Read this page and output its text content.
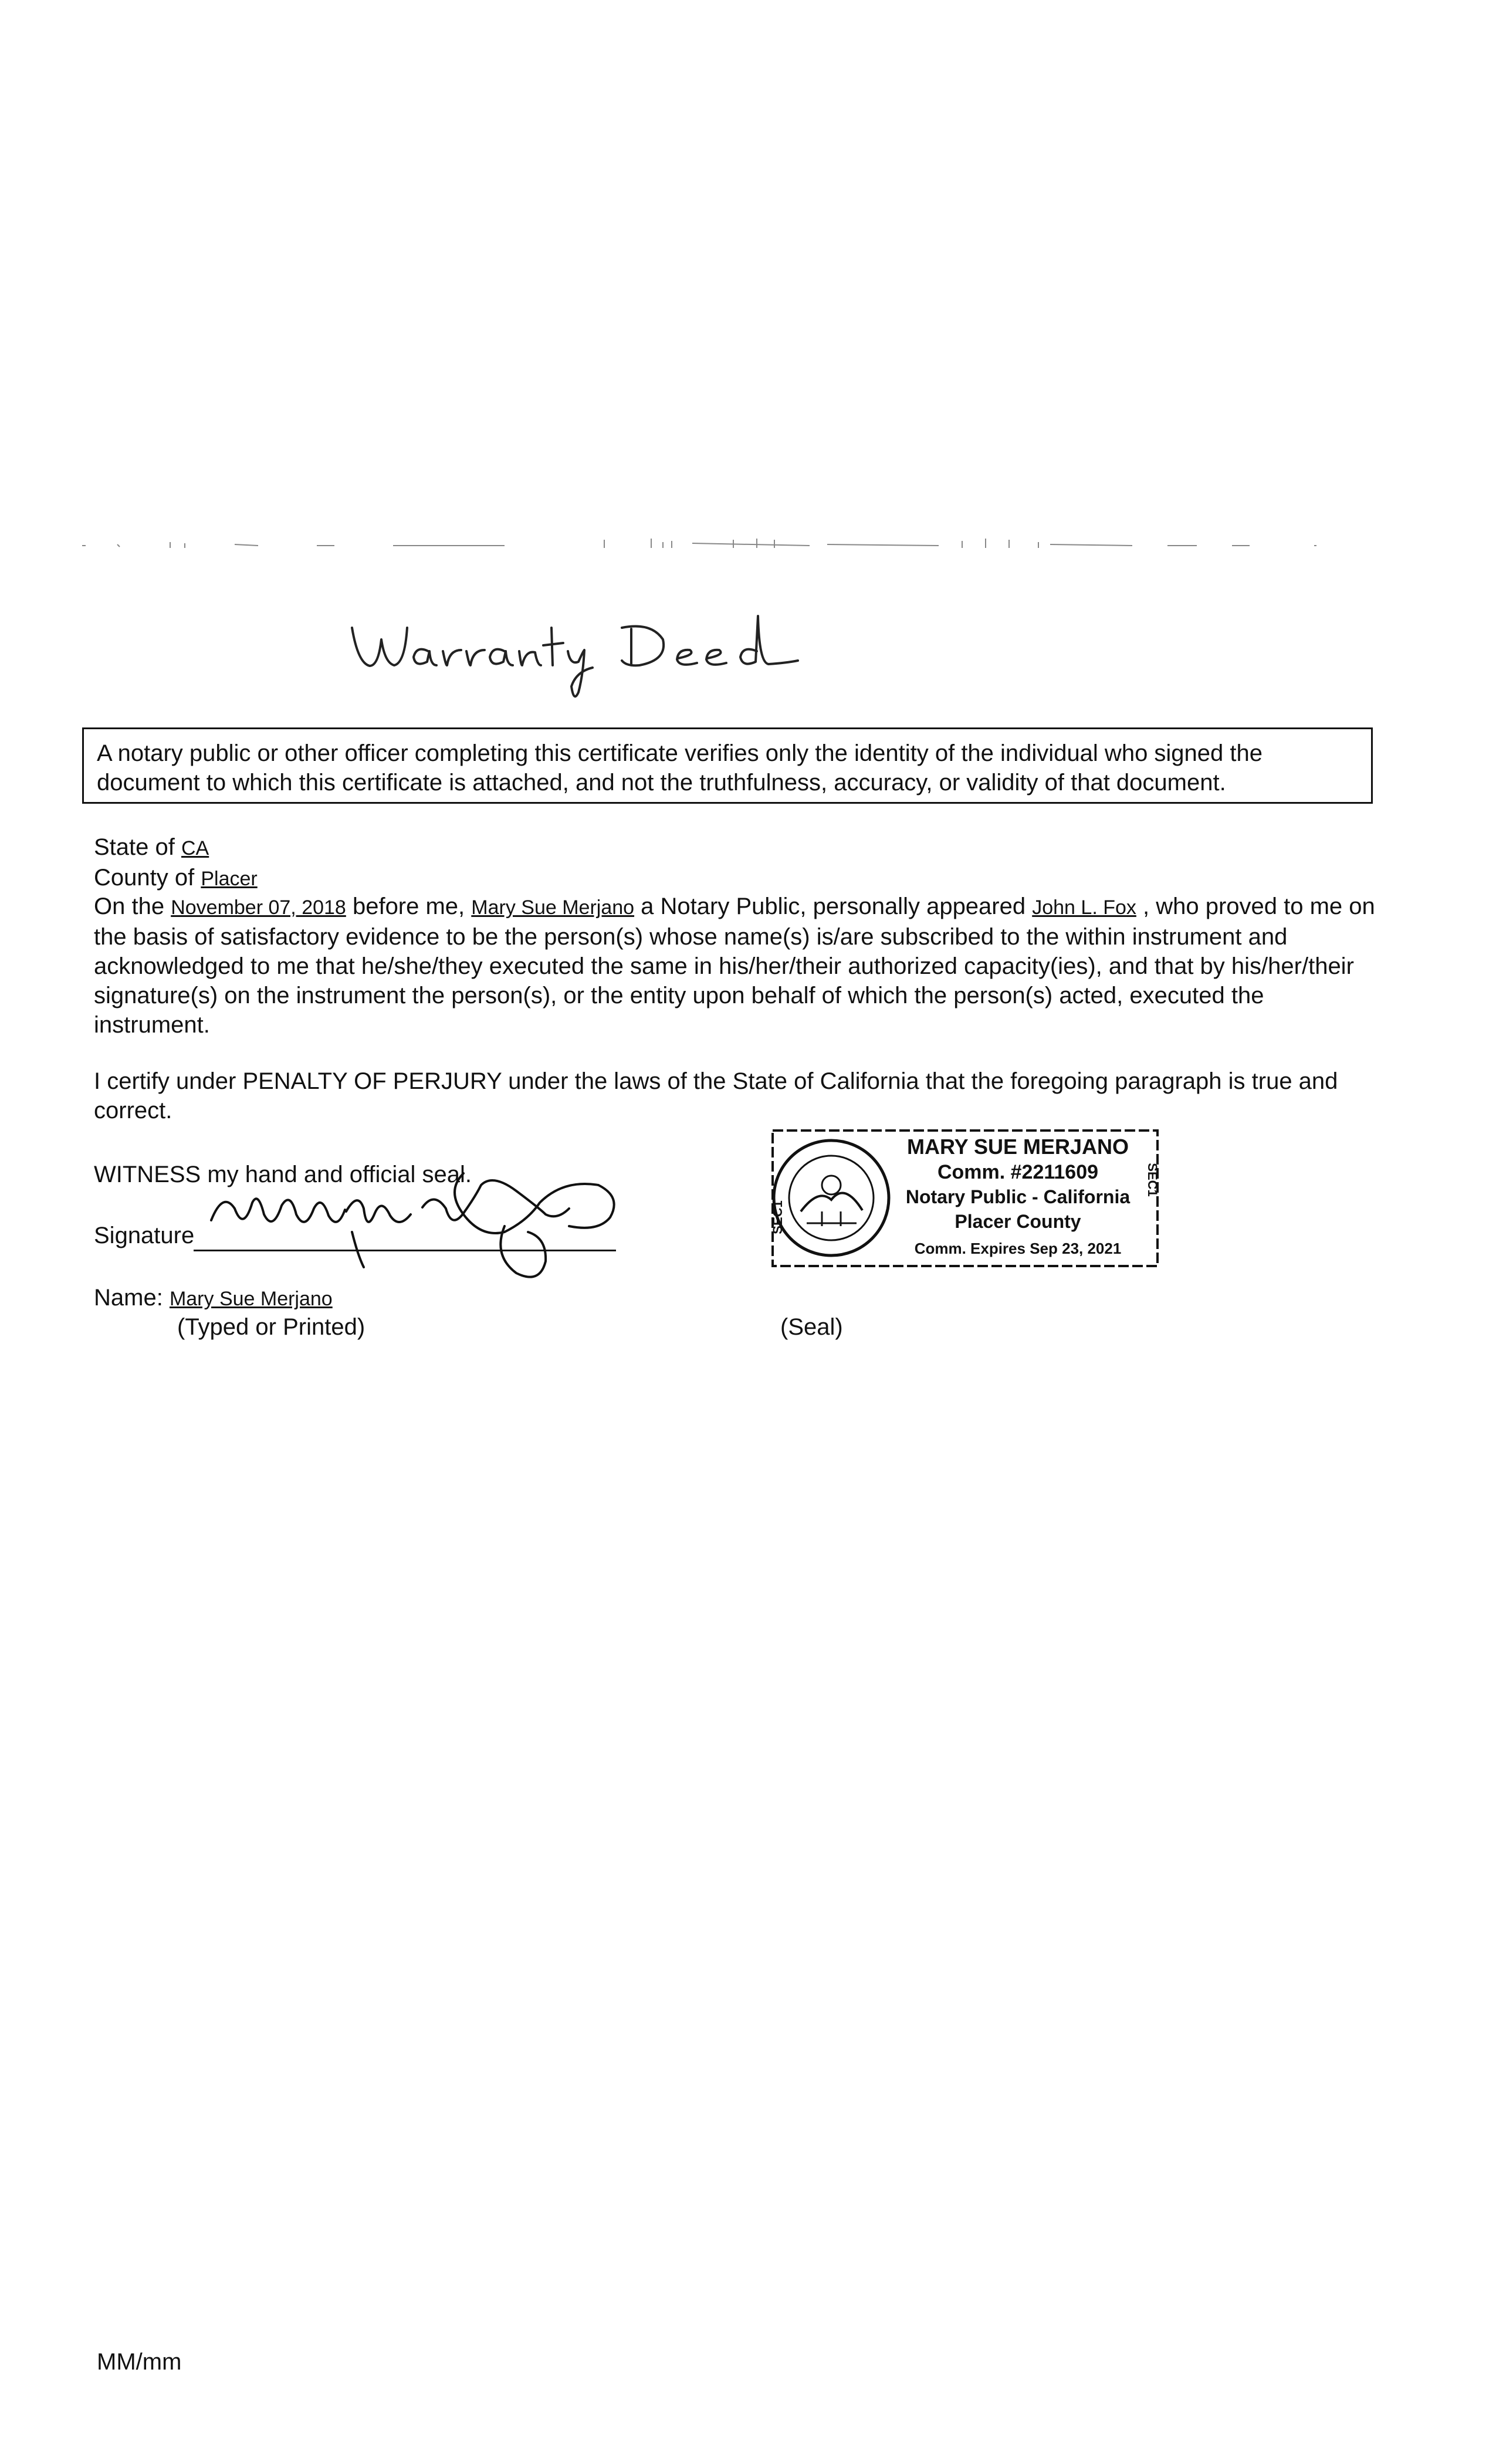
A notary public or other officer completing this certificate verifies only the identity of the individual who signed the document to which this certificate is attached, and not the truthfulness, accuracy, or validity of that document.
State of CA
County of Placer
On the November 07, 2018 before me, Mary Sue Merjano a Notary Public, personally appeared John L. Fox , who proved to me on the basis of satisfactory evidence to be the person(s) whose name(s) is/are subscribed to the within instrument and acknowledged to me that he/she/they executed the same in his/her/their authorized capacity(ies), and that by his/her/their signature(s) on the instrument the person(s), or the entity upon behalf of which the person(s) acted, executed the instrument.
I certify under PENALTY OF PERJURY under the laws of the State of California that the foregoing paragraph is true and correct.
WITNESS my hand and official seal.
Signature
Name: Mary Sue Merjano
(Typed or Printed)	(Seal)
MARY SUE MERJANO
Comm. #2211609
Notary Public - California
Placer County
Comm. Expires Sep 23, 2021
SEC1
SEC1
MM/mm
